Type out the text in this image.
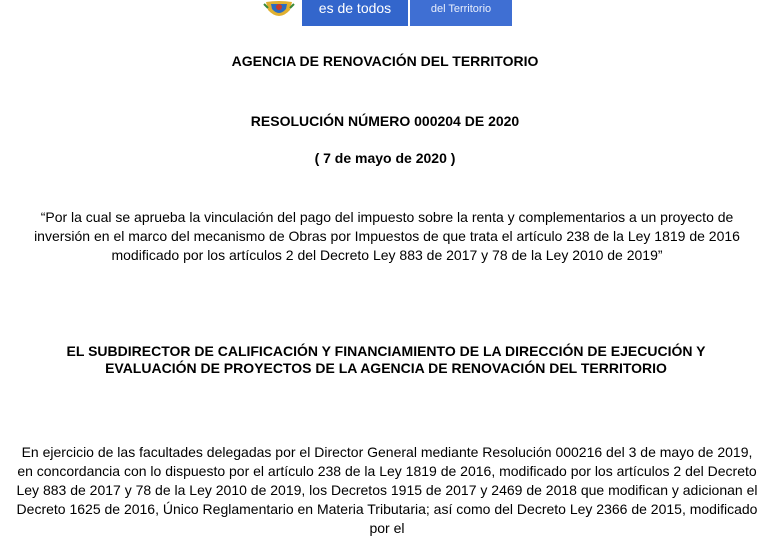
es de todos	del Territorio
AGENCIA DE RENOVACIÓN DEL TERRITORIO
RESOLUCIÓN NÚMERO 000204 DE 2020
( 7 de mayo de 2020 )
“Por la cual se aprueba la vinculación del pago del impuesto sobre la renta y complementarios a un proyecto de inversión en el marco del mecanismo de Obras por Impuestos de que trata el artículo 238 de la Ley 1819 de 2016 modificado por los artículos 2 del Decreto Ley 883 de 2017 y 78 de la Ley 2010 de 2019”
EL SUBDIRECTOR DE CALIFICACIÓN Y FINANCIAMIENTO DE LA DIRECCIÓN DE EJECUCIÓN Y EVALUACIÓN DE PROYECTOS DE LA AGENCIA DE RENOVACIÓN DEL TERRITORIO
En ejercicio de las facultades delegadas por el Director General mediante Resolución 000216 del 3 de mayo de 2019, en concordancia con lo dispuesto por el artículo 238 de la Ley 1819 de 2016, modificado por los artículos 2 del Decreto Ley 883 de 2017 y 78 de la Ley 2010 de 2019, los Decretos 1915 de 2017 y 2469 de 2018 que modifican y adicionan el Decreto 1625 de 2016, Único Reglamentario en Materia Tributaria; así como del Decreto Ley 2366 de 2015, modificado por el
